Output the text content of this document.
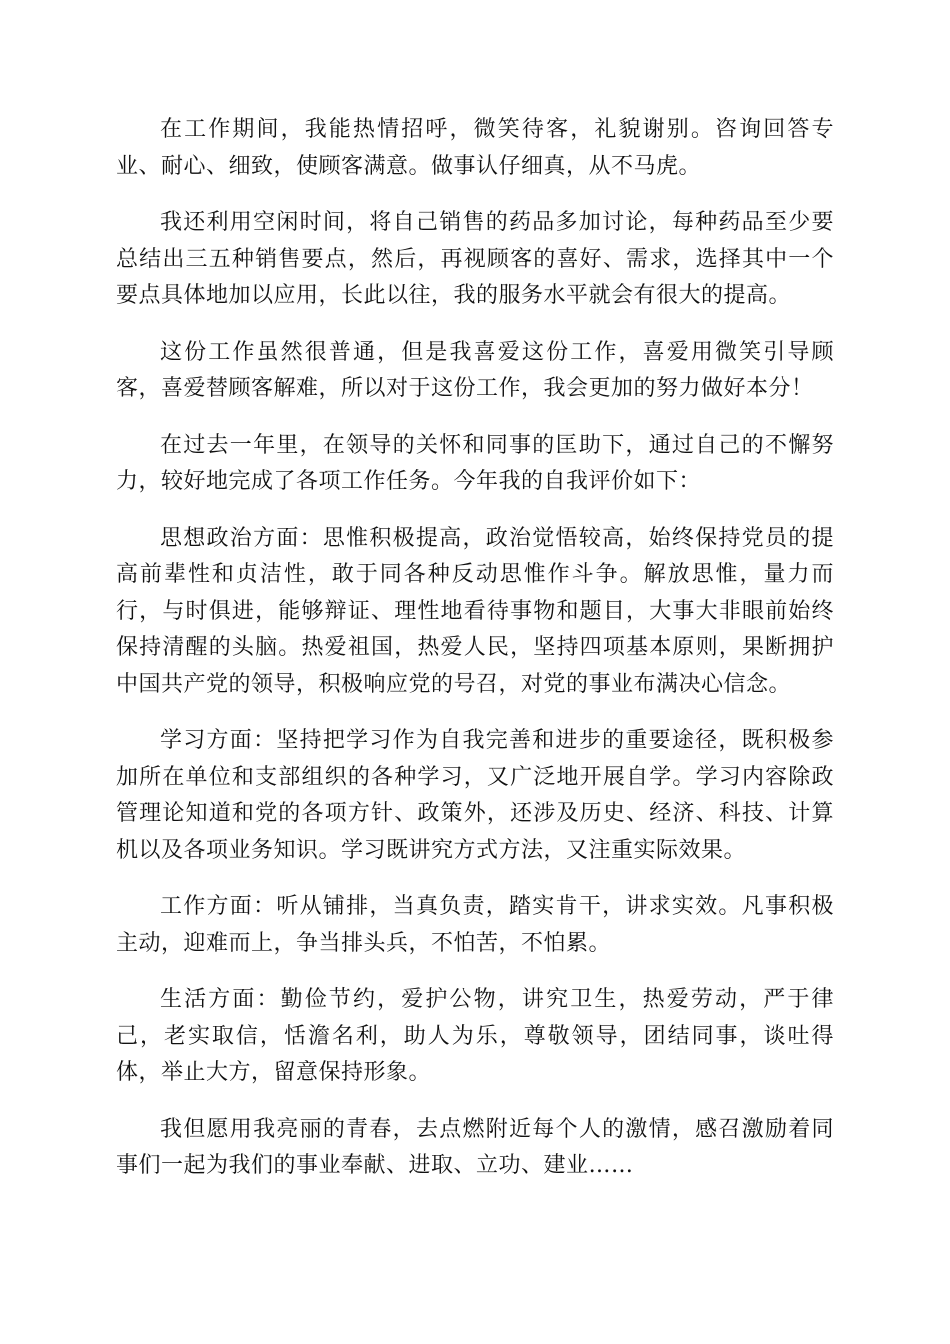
在工作期间，我能热情招呼，微笑待客，礼貌谢别。咨询回答专业、耐心、细致，使顾客满意。做事认仔细真，从不马虎。

我还利用空闲时间，将自己销售的药品多加讨论，每种药品至少要总结出三五种销售要点，然后，再视顾客的喜好、需求，选择其中一个要点具体地加以应用，长此以往，我的服务水平就会有很大的提高。

这份工作虽然很普通，但是我喜爱这份工作，喜爱用微笑引导顾客，喜爱替顾客解难，所以对于这份工作，我会更加的努力做好本分！

在过去一年里，在领导的关怀和同事的匡助下，通过自己的不懈努力，较好地完成了各项工作任务。今年我的自我评价如下：

思想政治方面：思惟积极提高，政治觉悟较高，始终保持党员的提高前辈性和贞洁性，敢于同各种反动思惟作斗争。解放思惟，量力而行，与时俱进，能够辩证、理性地看待事物和题目，大事大非眼前始终保持清醒的头脑。热爱祖国，热爱人民，坚持四项基本原则，果断拥护中国共产党的领导，积极响应党的号召，对党的事业布满决心信念。

学习方面：坚持把学习作为自我完善和进步的重要途径，既积极参加所在单位和支部组织的各种学习，又广泛地开展自学。学习内容除政管理论知道和党的各项方针、政策外，还涉及历史、经济、科技、计算机以及各项业务知识。学习既讲究方式方法，又注重实际效果。

工作方面：听从铺排，当真负责，踏实肯干，讲求实效。凡事积极主动，迎难而上，争当排头兵，不怕苦，不怕累。

生活方面：勤俭节约，爱护公物，讲究卫生，热爱劳动，严于律己，老实取信，恬澹名利，助人为乐，尊敬领导，团结同事，谈吐得体，举止大方，留意保持形象。

我但愿用我亮丽的青春，去点燃附近每个人的激情，感召激励着同事们一起为我们的事业奉献、进取、立功、建业……
